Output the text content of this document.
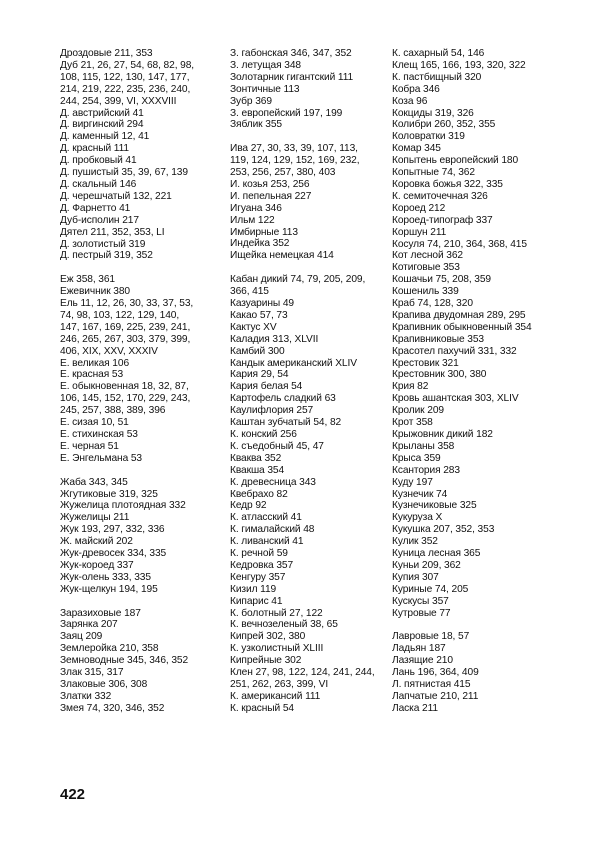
Дроздовые 211, 353
Дуб 21, 26, 27, 54, 68, 82, 98,
108, 115, 122, 130, 147, 177,
214, 219, 222, 235, 236, 240,
244, 254, 399, VI, XXXVIII
Д. австрийский 41
Д. виргинский 294
Д. каменный 12, 41
Д. красный 111
Д. пробковый 41
Д. пушистый 35, 39, 67, 139
Д. скальный 146
Д. черешчатый 132, 221
Д. Фарнетто 41
Дуб-исполин 217
Дятел 211, 352, 353, LI
Д. золотистый 319
Д. пестрый 319, 352
Еж 358, 361
Ежевичник 380
Ель 11, 12, 26, 30, 33, 37, 53,
74, 98, 103, 122, 129, 140,
147, 167, 169, 225, 239, 241,
246, 265, 267, 303, 379, 399,
406, XIX, XXV, XXXIV
Е. великая 106
Е. красная 53
Е. обыкновенная 18, 32, 87,
106, 145, 152, 170, 229, 243,
245, 257, 388, 389, 396
Е. сизая 10, 51
Е. стихинская 53
Е. черная 51
Е. Энгельмана 53
Жаба 343, 345
Жгутиковые 319, 325
Жужелица плотоядная 332
Жужелицы 211
Жук 193, 297, 332, 336
Ж. майский 202
Жук-древосек 334, 335
Жук-короед 337
Жук-олень 333, 335
Жук-щелкун 194, 195
Заразиховые 187
Зарянка 207
Заяц 209
Землеройка 210, 358
Земноводные 345, 346, 352
Злак 315, 317
Злаковые 306, 308
Златки 332
Змея 74, 320, 346, 352
З. габонская 346, 347, 352
З. летущая 348
Золотарник гигантский 111
Зонтичные 113
Зубр 369
З. европейский 197, 199
Зяблик 355
Ива 27, 30, 33, 39, 107, 113,
119, 124, 129, 152, 169, 232,
253, 256, 257, 380, 403
И. козья 253, 256
И. пепельная 227
Игуана 346
Ильм 122
Имбирные 113
Индейка 352
Ищейка немецкая 414
Кабан дикий 74, 79, 205, 209,
366, 415
Казуарины 49
Какао 57, 73
Кактус XV
Каладия 313, XLVII
Камбий 300
Кандык американский XLIV
Кария 29, 54
Кария белая 54
Картофель сладкий 63
Каулифлория 257
Каштан зубчатый 54, 82
К. конский 256
К. съедобный 45, 47
Кваква 352
Квакша 354
К. древесница 343
Квебрахо 82
Кедр 92
К. атласский 41
К. гималайский 48
К. ливанский 41
К. речной 59
Кедровка 357
Кенгуру 357
Кизил 119
Кипарис 41
К. болотный 27, 122
К. вечнозеленый 38, 65
Кипрей 302, 380
К. узколистный XLIII
Кипрейные 302
Клен 27, 98, 122, 124, 241, 244,
251, 262, 263, 399, VI
К. американсий 111
К. красный 54
К. сахарный 54, 146
Клещ 165, 166, 193, 320, 322
К. пастбищный 320
Кобра 346
Коза 96
Кокциды 319, 326
Колибри 260, 352, 355
Коловратки 319
Комар 345
Копытень европейский 180
Копытные 74, 362
Коровка божья 322, 335
К. семиточечная 326
Короед 212
Короед-типограф 337
Коршун 211
Косуля 74, 210, 364, 368, 415
Кот лесной 362
Котиговые 353
Кошачьи 75, 208, 359
Кошениль 339
Краб 74, 128, 320
Крапива двудомная 289, 295
Крапивник обыкновенный 354
Крапивниковые 353
Красотел пахучий 331, 332
Крестовик 321
Крестовник 300, 380
Крия 82
Кровь ашантская 303, XLIV
Кролик 209
Крот 358
Крыжовник дикий 182
Крыланы 358
Крыса 359
Ксантория 283
Куду 197
Кузнечик 74
Кузнечиковые 325
Кукуруза X
Кукушка 207, 352, 353
Кулик 352
Куница лесная 365
Куньи 209, 362
Купия 307
Куриные 74, 205
Кускусы 357
Кутровые 77
Лавровые 18, 57
Ладьян 187
Лазящие 210
Лань 196, 364, 409
Л. пятнистая 415
Лапчатые 210, 211
Ласка 211
422
